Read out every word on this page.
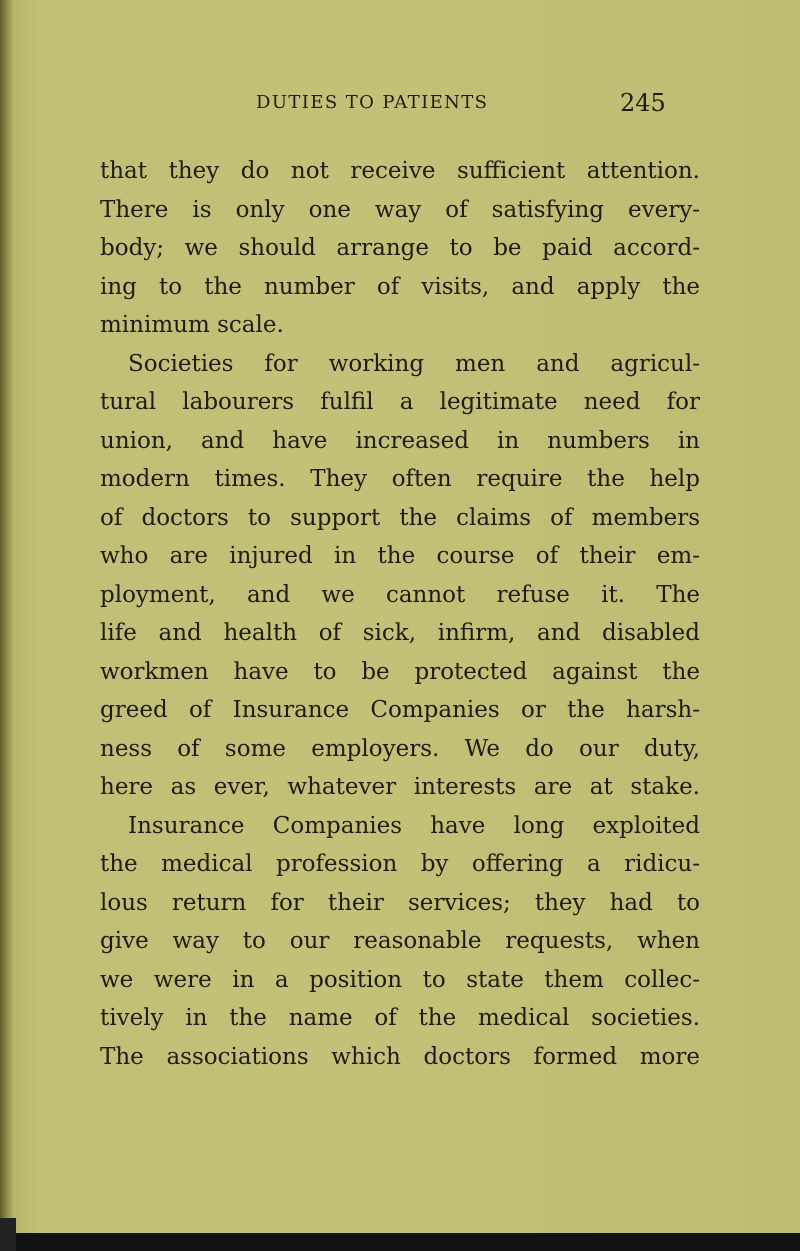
DUTIES TO PATIENTS	245
that they do not receive sufficient attention.
There is only one way of satisfying every-
body; we should arrange to be paid accord-
ing to the number of visits, and apply the
minimum scale.
Societies for working men and agricul-
tural labourers fulfil a legitimate need for
union, and have increased in numbers in
modern times. They often require the help
of doctors to support the claims of members
who are injured in the course of their em-
ployment, and we cannot refuse it. The
life and health of sick, infirm, and disabled
workmen have to be protected against the
greed of Insurance Companies or the harsh-
ness of some employers. We do our duty,
here as ever, whatever interests are at stake.
Insurance Companies have long exploited
the medical profession by offering a ridicu-
lous return for their services; they had to
give way to our reasonable requests, when
we were in a position to state them collec-
tively in the name of the medical societies.
The associations which doctors formed more
